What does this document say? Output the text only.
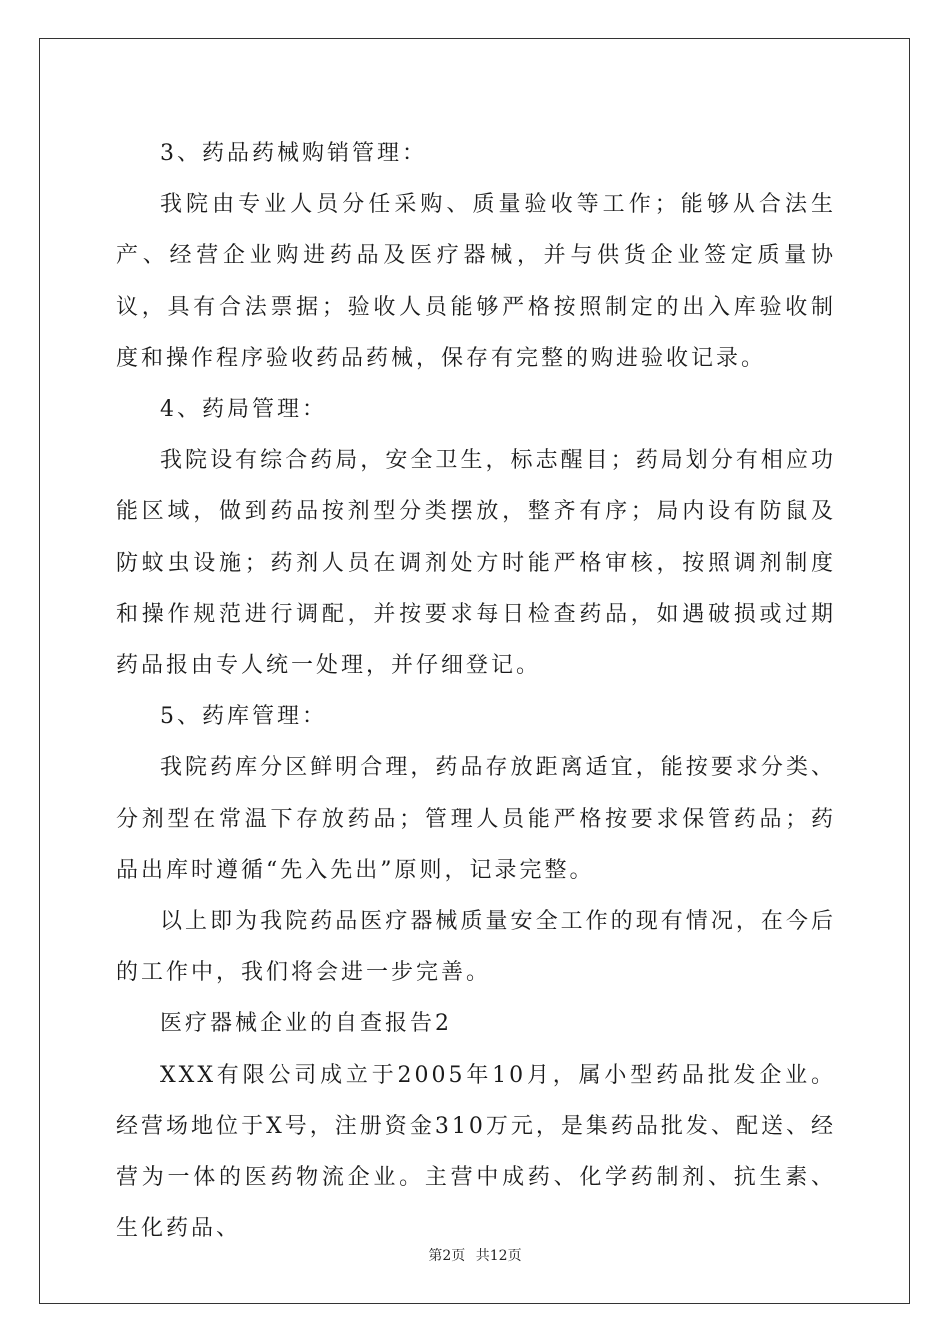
3、药品药械购销管理：

我院由专业人员分任采购、质量验收等工作；能够从合法生产、经营企业购进药品及医疗器械，并与供货企业签定质量协议，具有合法票据；验收人员能够严格按照制定的出入库验收制度和操作程序验收药品药械，保存有完整的购进验收记录。

4、药局管理：

我院设有综合药局，安全卫生，标志醒目；药局划分有相应功能区域，做到药品按剂型分类摆放，整齐有序；局内设有防鼠及防蚊虫设施；药剂人员在调剂处方时能严格审核，按照调剂制度和操作规范进行调配，并按要求每日检查药品，如遇破损或过期药品报由专人统一处理，并仔细登记。

5、药库管理：

我院药库分区鲜明合理，药品存放距离适宜，能按要求分类、分剂型在常温下存放药品；管理人员能严格按要求保管药品；药品出库时遵循“先入先出”原则，记录完整。

以上即为我院药品医疗器械质量安全工作的现有情况，在今后的工作中，我们将会进一步完善。

医疗器械企业的自查报告2

XXX有限公司成立于2005年10月，属小型药品批发企业。经营场地位于X号，注册资金310万元，是集药品批发、配送、经营为一体的医药物流企业。主营中成药、化学药制剂、抗生素、生化药品、

第2页 共12页
